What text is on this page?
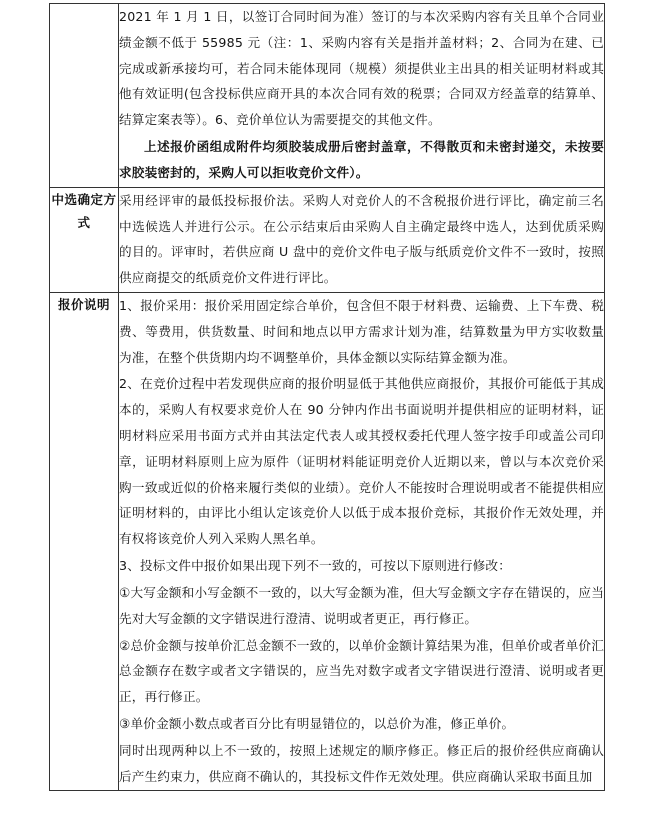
	2021 年 1 月 1 日，以签订合同时间为准）签订的与本次采购内容有关且单个合同业绩金额不低于 55985 元（注：1、采购内容有关是指并盖材料；2、合同为在建、已完成或新承接均可，若合同未能体现同（规模）须提供业主出具的相关证明材料或其他有效证明(包含投标供应商开具的本次合同有效的税票；合同双方经盖章的结算单、结算定案表等）。6、竞价单位认为需要提交的其他文件。

上述报价函组成附件均须胶装成册后密封盖章，不得散页和未密封递交，未按要求胶装密封的，采购人可以拒收竞价文件）。

中选确定方式	采用经评审的最低投标报价法。采购人对竞价人的不含税报价进行评比，确定前三名中选候选人并进行公示。在公示结束后由采购人自主确定最终中选人，达到优质采购的目的。评审时，若供应商 U 盘中的竞价文件电子版与纸质竞价文件不一致时，按照供应商提交的纸质竞价文件进行评比。

报价说明	1、报价采用：报价采用固定综合单价，包含但不限于材料费、运输费、上下车费、税费、等费用，供货数量、时间和地点以甲方需求计划为准，结算数量为甲方实收数量为准，在整个供货期内均不调整单价，具体金额以实际结算金额为准。

2、在竞价过程中若发现供应商的报价明显低于其他供应商报价，其报价可能低于其成本的，采购人有权要求竞价人在 90 分钟内作出书面说明并提供相应的证明材料，证明材料应采用书面方式并由其法定代表人或其授权委托代理人签字按手印或盖公司印章，证明材料原则上应为原件（证明材料能证明竞价人近期以来，曾以与本次竞价采购一致或近似的价格来履行类似的业绩）。竞价人不能按时合理说明或者不能提供相应证明材料的，由评比小组认定该竞价人以低于成本报价竞标，其报价作无效处理，并有权将该竞价人列入采购人黑名单。

3、投标文件中报价如果出现下列不一致的，可按以下原则进行修改：

①大写金额和小写金额不一致的，以大写金额为准，但大写金额文字存在错误的，应当先对大写金额的文字错误进行澄清、说明或者更正，再行修正。

②总价金额与按单价汇总金额不一致的，以单价金额计算结果为准，但单价或者单价汇总金额存在数字或者文字错误的，应当先对数字或者文字错误进行澄清、说明或者更正，再行修正。

③单价金额小数点或者百分比有明显错位的，以总价为准，修正单价。

同时出现两种以上不一致的，按照上述规定的顺序修正。修正后的报价经供应商确认后产生约束力，供应商不确认的，其投标文件作无效处理。供应商确认采取书面且加
